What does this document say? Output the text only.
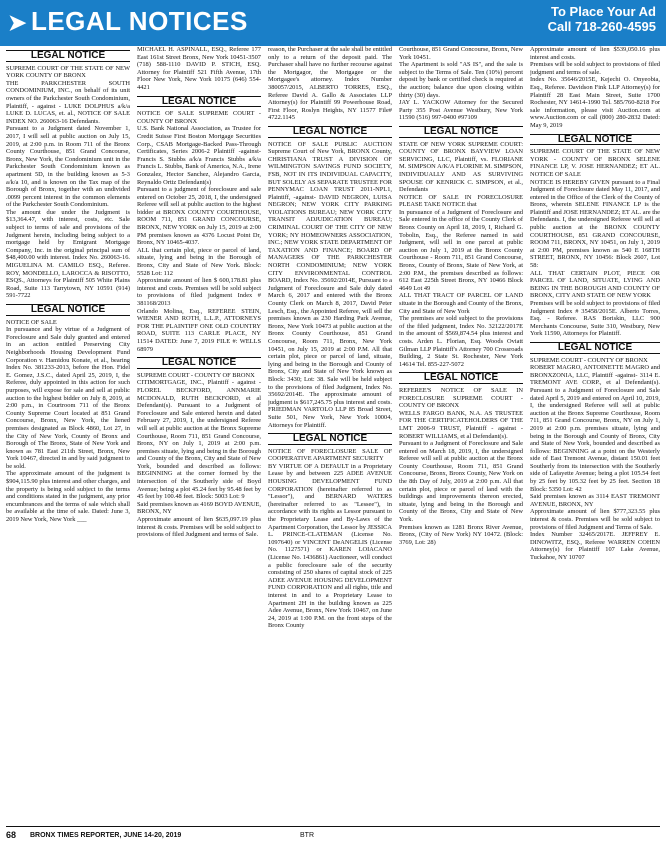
➤ LEGAL NOTICES	To Place Your Ad
Call 718-260-4595
LEGAL NOTICE

SUPREME COURT OF THE STATE OF NEW YORK COUNTY OF BRONX

THE PARKCHESTER SOUTH CONDOMINIUM, INC., on behalf of its unit owners of the Parkchester South Condominium, Plaintiff, - against - LUKE DOLPHUS a/k/a LUKE D. LUCAS, et. al., NOTICE OF SALE INDEX NO. 260063-16 Defendants.

Pursuant to a Judgment dated November 1, 2017, I will sell at public auction on July 15, 2019, at 2:00 p.m. in Room 711 of the Bronx County Courthouse, 851 Grand Concourse, Bronx, New York, the Condominium unit in the Parkchester South Condominium known as apartment 5D, in the building known as 5-3 a/k/a 10, and is known on the Tax map of the Borough of Bronx, together with an undivided .0099 percent interest in the common elements of the Parkchester South Condominium.

The amount due under the Judgment is $13,364.47, with interest, costs, etc. Sale subject to terms of sale and provisions of the Judgment herein, including being subject to a mortgage held by Emigrant Mortgage Company, Inc. in the original principal sum of $48,400.00 with interest. Index No. 260063-16. MIGUELINA M. CAMILO ESQ., Referee. ROY, MONDELLO, LAROCCA & RISOTTO, ESQS., Attorneys for Plaintiff 505 White Plains Road, Suite 113 Tarrytown, NY 10591 (914) 591-7722

LEGAL NOTICE

NOTICE OF SALE

In pursuance and by virtue of a Judgment of Foreclosure and Sale duly granted and entered in an action entitled Preserving City Neighborhoods Housing Development Fund Corporation v. Hamidou Konate, et al., bearing Index No. 381233-2013, before the Hon. Fidel E. Gomez, J.S.C., dated April 25, 2019, I, the Referee, duly appointed in this action for such purposes, will expose for sale and sell at public auction to the highest bidder on July 8, 2019, at 2:00 p.m., in Courtroom 711 of the Bronx County Supreme Court located at 851 Grand Concourse, Bronx, New York, the liened premises designated as Block 4860, Lot 27, in the City of New York, County of Bronx and Borough of The Bronx, State of New York and known as 781 East 211th Street, Bronx, New York 10467, directed in and by said judgment to be sold.

The approximate amount of the judgment is $904,115.90 plus interest and other charges, and the property is being sold subject to the terms and conditions stated in the judgment, any prior encumbrances and the terms of sale which shall be available at the time of sale. Dated: June 3, 2019 New York, New York ___

MICHAEL H. ASPINALL, ESQ., Referee 177 East 161st Street Bronx, New York 10451-3507 (718) 588-1110 DAVID P. STICH, ESQ. Attorney for Plaintiff 521 Fifth Avenue, 17th Floor New York, New York 10175 (646) 554-4421

LEGAL NOTICE

NOTICE OF SALE SUPREME COURT - COUNTY OF BRONX

U.S. Bank National Association, as Trustee for Credit Suisse First Boston Mortgage Securities Corp., CSAB Mortgage-Backed Pass-Through Certificates, Series 2006-2 Plaintiff -against- Francis S. Stubbs a/k/a Francis Stubbs a/k/a Francis L. Stubbs, Bank of America, N.A., Irene Gonzalez, Hector Sanchez, Alejandro Garcia, Reynaldo Ortiz Defendant(s)

Pursuant to a judgment of foreclosure and sale entered on October 25, 2018, I, the undersigned Referee will sell at public auction to the highest bidder at BRONX COUNTY COURTHOUSE, ROOM 711, 851 GRAND CONCOURSE, BRONX, NEW YORK on July 15, 2019 at 2:00 PM premises known as 4376 Locust Point Dr, Bronx, NY 10465-4037.

ALL that certain plot, piece or parcel of land, situate, lying and being in the Borough of Bronx, City and State of New York. Block: 5528 Lot: 112

Approximate amount of lien $ 600,178.81 plus interest and costs. Premises will be sold subject to provisions of filed judgment Index # 381168/2013

Orlando Molina, Esq., REFEREE STEIN, WIENER AND ROTH, L.L.P., ATTORNEYS FOR THE PLAINTIFF ONE OLD COUNTRY ROAD, SUITE 113 CARLE PLACE, NY 11514 DATED: June 7, 2019 FILE #: WELLS 68979

LEGAL NOTICE

SUPREME COURT - COUNTY OF BRONX

CITIMORTGAGE, INC., Plaintiff - against - FLOREL BECKFORD, ANNMARIE MCDONALD, RUTH BECKFORD, et al Defendant(s). Pursuant to a Judgment of Foreclosure and Sale entered herein and dated February 27, 2019, I, the undersigned Referee will sell at public auction at the Bronx Supreme Courthouse, Room 711, 851 Grand Concourse, Bronx, NY on July 1, 2019 at 2:00 p.m. premises situate, lying and being in the Borough and County of the Bronx, City and State of New York, bounded and described as follows: BEGINNING at the corner formed by the intersection of the Southerly side of Boyd Avenue; being a plot 45.24 feet by 95.48 feet by 45 feet by 100.48 feet. Block: 5003 Lot: 9

Said premises known as 4169 BOYD AVENUE, BRONX, NY

Approximate amount of lien $635,097.19 plus interest & costs. Premises will be sold subject to provisions of filed Judgment and terms of Sale.

reason, the Purchaser at the sale shall be entitled only to a return of the deposit paid. The Purchaser shall have no further recourse against the Mortgagor, the Mortgagee or the Mortgagee's attorney. Index Number 380057/2015, ALBERTO TORRES, ESQ., Referee David A. Gallo & Associates LLP Attorney(s) for Plaintiff 99 Powerhouse Road, First Floor, Roslyn Heights, NY 11577 File# 4722.1145

LEGAL NOTICE

NOTICE OF SALE PUBLIC AUCTION Supreme Court of New York, BRONX County, CHRISTIANA TRUST A DIVISION OF WILMINGTON SAVINGS FUND SOCIETY, FSB, NOT IN ITS INDIVIDUAL CAPACITY, BUT SOLELY AS SEPARATE TRUSTEE FOR PENNYMAC LOAN TRUST 2011-NPL1, Plaintiff, -against- DAVID NEGRON, LUISA NEGRON; NEW YORK CITY PARKING VIOLATIONS BUREAU; NEW YORK CITY TRANSIT ADJUDICATION BUREAU; CRIMINAL COURT OF THE CITY OF NEW YORK; NY HOMEOWNERS ASSOCIATION, INC.; NEW YORK STATE DEPARTMENT OF TAXATION AND FINANCE; BOARD OF MANAGERS OF THE PARKCHESTER NORTH CONDOMINIUM; NEW YORK CITY ENVIRONMENTAL CONTROL BOARD, Index No. 35692/2014E, Pursuant to a Judgment of Foreclosure and Sale duly dated March 6, 2017 and entered with the Bronx County Clerk on March 8, 2017, David Peter Lesch, Esq., the Appointed Referee, will sell the premises known as 230 Harding Park Avenue, Bronx, New York 10473 at public auction at the Bronx County Courthouse, 851 Grand Concourse, Room 711, Bronx, New York 10451, on July 15, 2019 at 2:00 P.M. All that certain plot, piece or parcel of land, situate, lying and being in the Borough and County of Bronx, City and State of New York known as Block: 3430; Lot: 38. Sale will be held subject to the provisions of filed Judgment, Index No. 35692/2014E. The approximate amount of judgment is $617,245.75 plus interest and costs. FRIEDMAN VARTOLO LLP 85 Broad Street, Suite 501, New York, New York 10004, Attorneys for Plaintiff.

LEGAL NOTICE

NOTICE OF FORECLOSURE SALE OF COOPERATIVE APARTMENT SECURITY

BY VIRTUE OF A DEFAULT in a Proprietary Lease by and between 225 ADEE AVENUE HOUSING DEVELOPMENT FUND CORPORATION (hereinafter referred to as "Lessor"), and BERNARD WATERS (hereinafter referred to as "Lessee"), in accordance with its rights as Lessor pursuant to the Proprietary Lease and By-Laws of the Apartment Corporation, the Lessor by JESSICA L. PRINCE-CLATEMAN (License No. 1097640) or VINCENT DeANGELIS (License No. 1127571) or KAREN LOIACANO (License No. 1436861) Auctioneer, will conduct a public foreclosure sale of the security consisting of 250 shares of capital stock of 225 ADEE AVENUE HOUSING DEVELOPMENT FUND CORPORATION and all rights, title and interest in and to a Proprietary Lease to Apartment 2H in the building known as 225 Adee Avenue, Bronx, New York 10467, on June 24, 2019 at 1:00 P.M. on the front steps of the Bronx County

Courthouse, 851 Grand Concourse, Bronx, New York 10451.

The Apartment is sold "AS IS", and the sale is subject to the Terms of Sale. Ten (10%) percent deposit by bank or certified check is required at the auction; balance due upon closing within thirty (30) days.

JAY L. YACKOW Attorney for the Secured Party 355 Post Avenue Westbury, New York 11590 (516) 997-0400 #97109

LEGAL NOTICE

STATE OF NEW YORK SUPREME COURT: COUNTY OF BRONX BAYVIEW LOAN SERVICING, LLC, Plaintiff, vs. FLORIANE M. SIMPSON A/K/A FLORINE M. SIMPSON, INDIVIDUALLY AND AS SURVIVING SPOUSE OF KENRICK C. SIMPSON, et al., Defendants

NOTICE OF SALE IN FORECLOSURE PLEASE TAKE NOTICE that

In pursuance of a Judgment of Foreclosure and Sale entered in the office of the County Clerk of Bronx County on April 18, 2019, I, Richard G. Tobolin, Esq., the Referee named in said Judgment, will sell in one parcel at public auction on July 1, 2019 at the Bronx County Courthouse - Room 711, 851 Grand Concourse, Bronx, County of Bronx, State of New York, at 2:00 P.M., the premises described as follows: 612 East 225th Street Bronx, NY 10466 Block 4649 Lot 49

ALL THAT TRACT OF PARCEL OF LAND situate in the Borough and County of the Bronx, City and State of New York

The premises are sold subject to the provisions of the filed judgment, Index No. 32122/2017E in the amount of $569,874.54 plus interest and costs. Arden L. Florian, Esq. Woods Oviatt Gilman LLP Plaintiff's Attorney 700 Crossroads Building, 2 State St. Rochester, New York 14614 Tel. 855-227-5072

LEGAL NOTICE

REFEREE'S NOTICE OF SALE IN FORECLOSURE SUPREME COURT - COUNTY OF BRONX

WELLS FARGO BANK, N.A. AS TRUSTEE FOR THE CERTIFICATEHOLDERS OF THE LMT 2006-9 TRUST, Plaintiff - against - ROBERT WILLIAMS, et al Defendant(s).

Pursuant to a Judgment of Foreclosure and Sale entered on March 18, 2019, I, the undersigned Referee will sell at public auction at the Bronx County Courthouse, Room 711, 851 Grand Concourse, Bronx, Bronx County, New York on the 8th Day of July, 2019 at 2:00 p.m. All that certain plot, piece or parcel of land with the buildings and improvements thereon erected, situate, lying and being in the Borough and County of the Bronx, City and State of New York.

Premises known as 1281 Bronx River Avenue, Bronx, (City of New York) NY 10472. (Block: 3769, Lot: 28)

Approximate amount of lien $539,050.16 plus interest and costs.

Premises will be sold subject to provisions of filed judgment and terms of sale.

Index No. 35646/2015E, Kejechi O. Onyeobia, Esq., Referee. Davidson Fink LLP Attorney(s) for Plaintiff 28 East Main Street, Suite 1700 Rochester, NY 14614-1990 Tel. 585/760-8218 For sale information, please visit Auction.com at www.Auction.com or call (800) 280-2832 Dated: May 9, 2019

LEGAL NOTICE

SUPREME COURT OF THE STATE OF NEW YORK - COUNTY OF BRONX SELENE FINANCE LP, V. JOSE HERNANDEZ; ET AL. NOTICE OF SALE

NOTICE IS HEREBY GIVEN pursuant to a Final Judgment of Foreclosure dated May 11, 2017, and entered in the Office of the Clerk of the County of Bronx, wherein SELENE FINANCE LP is the Plaintiff and JOSE HERNANDEZ; ET AL. are the Defendants. I, the undersigned Referee will sell at public auction at the BRONX COUNTY COURTHOUSE, 851 GRAND CONCOURSE, ROOM 711, BRONX, NY 10451, on July 1, 2019 at 2:00 PM, premises known as 540 E 168TH STREET, BRONX, NY 10456: Block 2607, Lot 58:

ALL THAT CERTAIN PLOT, PIECE OR PARCEL OF LAND, SITUATE, LYING AND BEING IN THE BOROUGH AND COUNTY OF BRONX, CITY AND STATE OF NEW YORK

Premises will be sold subject to provisions of filed Judgment Index # 35458/2015E. Alberto Torres, Esq. - Referee. RAS Boriskin, LLC 900 Merchants Concourse, Suite 310, Westbury, New York 11590, Attorneys for Plaintiff.

LEGAL NOTICE

SUPREME COURT - COUNTY OF BRONX

ROBERT MAGRO, ANTOINETTE MAGRO and BRONXZONIA, LLC, Plaintiff -against- 3114 E. TREMONT AVE CORP., et al Defendant(s). Pursuant to a Judgment of Foreclosure and Sale dated April 5, 2019 and entered on April 10, 2019, I, the undersigned Referee will sell at public auction at the Bronx Supreme Courthouse, Room 711, 851 Grand Concourse, Bronx, NY on July 1, 2019 at 2:00 p.m. premises situate, lying and being in the Borough and County of Bronx, City and State of New York, bounded and described as follows: BEGINNING at a point on the Westerly side of East Tremont Avenue, distant 150.01 feet Southerly from its intersection with the Southerly side of Lafayette Avenue; being a plot 105.54 feet by 25 feet by 105.32 feet by 25 feet. Section 18 Block: 5350 Lot: 42

Said premises known as 3114 EAST TREMONT AVENUE, BRONX, NY

Approximate amount of lien $777,323.55 plus interest & costs. Premises will be sold subject to provisions of filed Judgment and Terms of Sale.

Index Number 32465/2017E. JEFFREY E. DINOWITZ, ESQ., Referee WARREN COHEN Attorney(s) for Plaintiff 107 Lake Avenue, Tuckahoe, NY 10707

68 BRONX TIMES REPORTER, JUNE 14-20, 2019	BTR
